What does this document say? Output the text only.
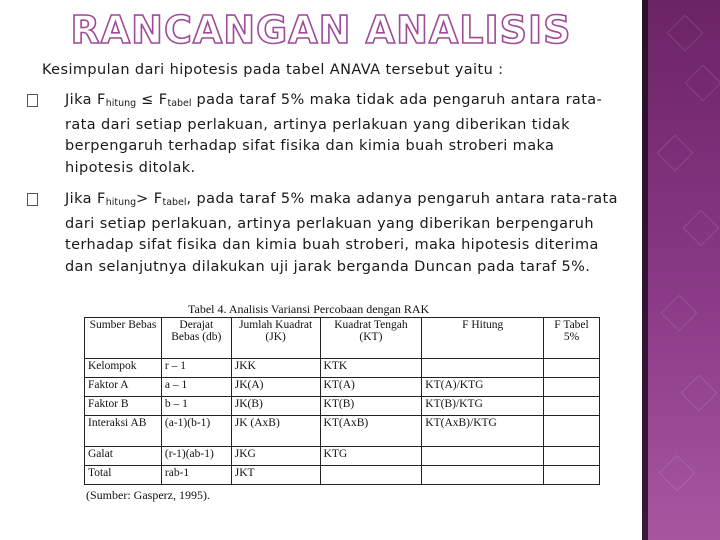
RANCANGAN ANALISIS
Kesimpulan dari hipotesis pada tabel ANAVA tersebut yaitu :
Jika $F_{hitung} \le F_{tabel}$ pada taraf 5% maka tidak ada pengaruh antara rata-rata dari setiap perlakuan, artinya perlakuan yang diberikan tidak berpengaruh terhadap sifat fisika dan kimia buah stroberi maka hipotesis ditolak.
Jika $F_{hitung}> F_{tabel}$, pada taraf 5% maka adanya pengaruh antara rata-rata dari setiap perlakuan, artinya perlakuan yang diberikan berpengaruh terhadap sifat fisika dan kimia buah stroberi, maka hipotesis diterima dan selanjutnya dilakukan uji jarak berganda Duncan pada taraf 5%.
Tabel 4. Analisis Variansi Percobaan dengan RAK
Sumber Bebas	Derajat Bebas (db)	Jumlah Kuadrat (JK)	Kuadrat Tengah (KT)	F Hitung	F Tabel 5%
Kelompok	r – 1	JKK	KTK		
Faktor A	a – 1	JK(A)	KT(A)	KT(A)/KTG	
Faktor B	b – 1	JK(B)	KT(B)	KT(B)/KTG	
Interaksi AB	(a-1)(b-1)	JK (AxB)	KT(AxB)	KT(AxB)/KTG	
Galat	(r-1)(ab-1)	JKG	KTG		
Total	rab-1	JKT			
(Sumber: Gasperz, 1995).
